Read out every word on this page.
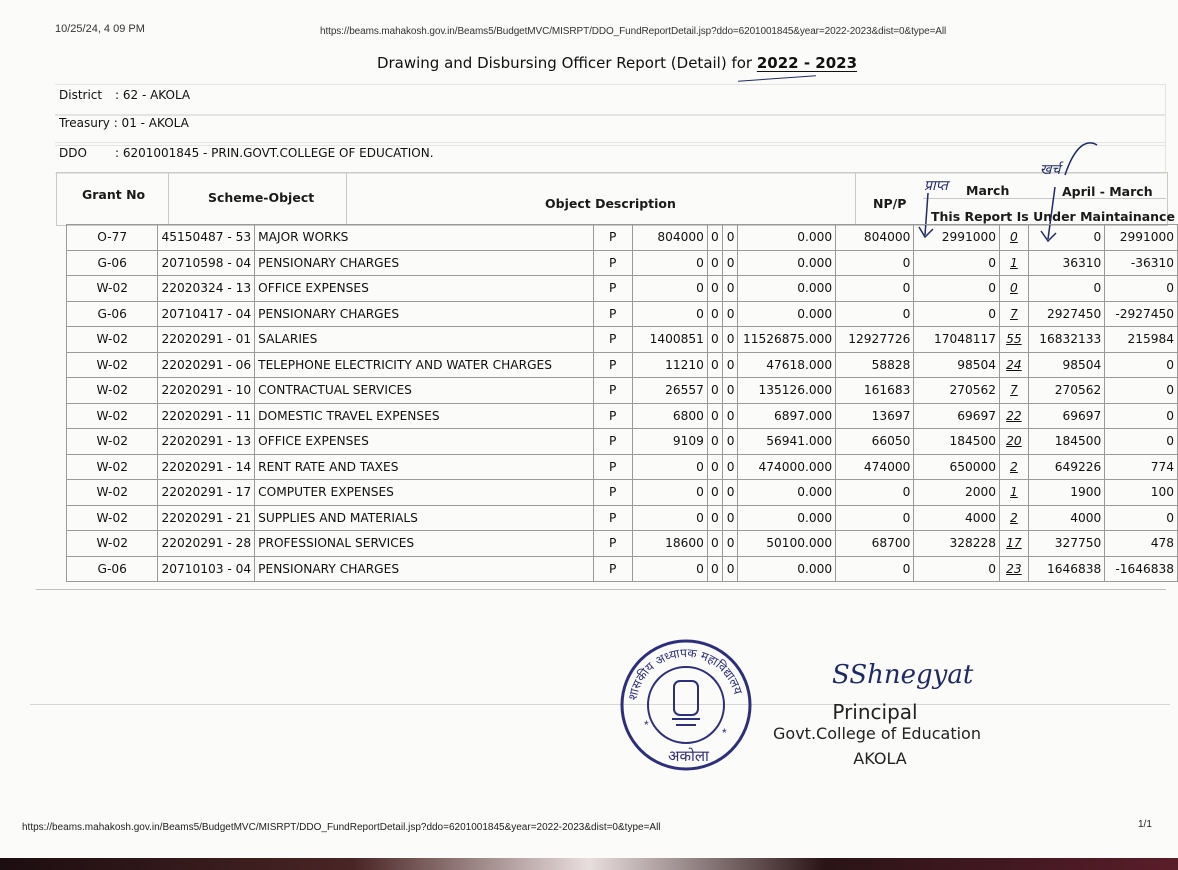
10/25/24, 4 09 PM	https://beams.mahakosh.gov.in/Beams5/BudgetMVC/MISRPT/DDO_FundReportDetail.jsp?ddo=6201001845&year=2022-2023&dist=0&type=All
Drawing and Disbursing Officer Report (Detail) for 2022 - 2023
District : 62 - AKOLA
Treasury : 01 - AKOLA
DDO : 6201001845 - PRIN.GOVT.COLLEGE OF EDUCATION.
Grant No	Scheme-Object	Object Description	NP/P
March	April - March
This Report Is Under Maintainance
प्राप्त
खर्च
O-77	45150487 - 53	MAJOR WORKS	P	804000	0	0	0.000	804000	2991000	0	0	2991000
G-06	20710598 - 04	PENSIONARY CHARGES	P	0	0	0	0.000	0	0	1	36310	-36310
W-02	22020324 - 13	OFFICE EXPENSES	P	0	0	0	0.000	0	0	0	0	0
G-06	20710417 - 04	PENSIONARY CHARGES	P	0	0	0	0.000	0	0	7	2927450	-2927450
W-02	22020291 - 01	SALARIES	P	1400851	0	0	11526875.000	12927726	17048117	55	16832133	215984
W-02	22020291 - 06	TELEPHONE ELECTRICITY AND WATER CHARGES	P	11210	0	0	47618.000	58828	98504	24	98504	0
W-02	22020291 - 10	CONTRACTUAL SERVICES	P	26557	0	0	135126.000	161683	270562	7	270562	0
W-02	22020291 - 11	DOMESTIC TRAVEL EXPENSES	P	6800	0	0	6897.000	13697	69697	22	69697	0
W-02	22020291 - 13	OFFICE EXPENSES	P	9109	0	0	56941.000	66050	184500	20	184500	0
W-02	22020291 - 14	RENT RATE AND TAXES	P	0	0	0	474000.000	474000	650000	2	649226	774
W-02	22020291 - 17	COMPUTER EXPENSES	P	0	0	0	0.000	0	2000	1	1900	100
W-02	22020291 - 21	SUPPLIES AND MATERIALS	P	0	0	0	0.000	0	4000	2	4000	0
W-02	22020291 - 28	PROFESSIONAL SERVICES	P	18600	0	0	50100.000	68700	328228	17	327750	478
G-06	20710103 - 04	PENSIONARY CHARGES	P	0	0	0	0.000	0	0	23	1646838	-1646838
शासकीय अध्यापक महाविद्यालय
*
*
अकोला
SShnegyat
Principal
Govt.College of Education
AKOLA
https://beams.mahakosh.gov.in/Beams5/BudgetMVC/MISRPT/DDO_FundReportDetail.jsp?ddo=6201001845&year=2022-2023&dist=0&type=All	1/1
